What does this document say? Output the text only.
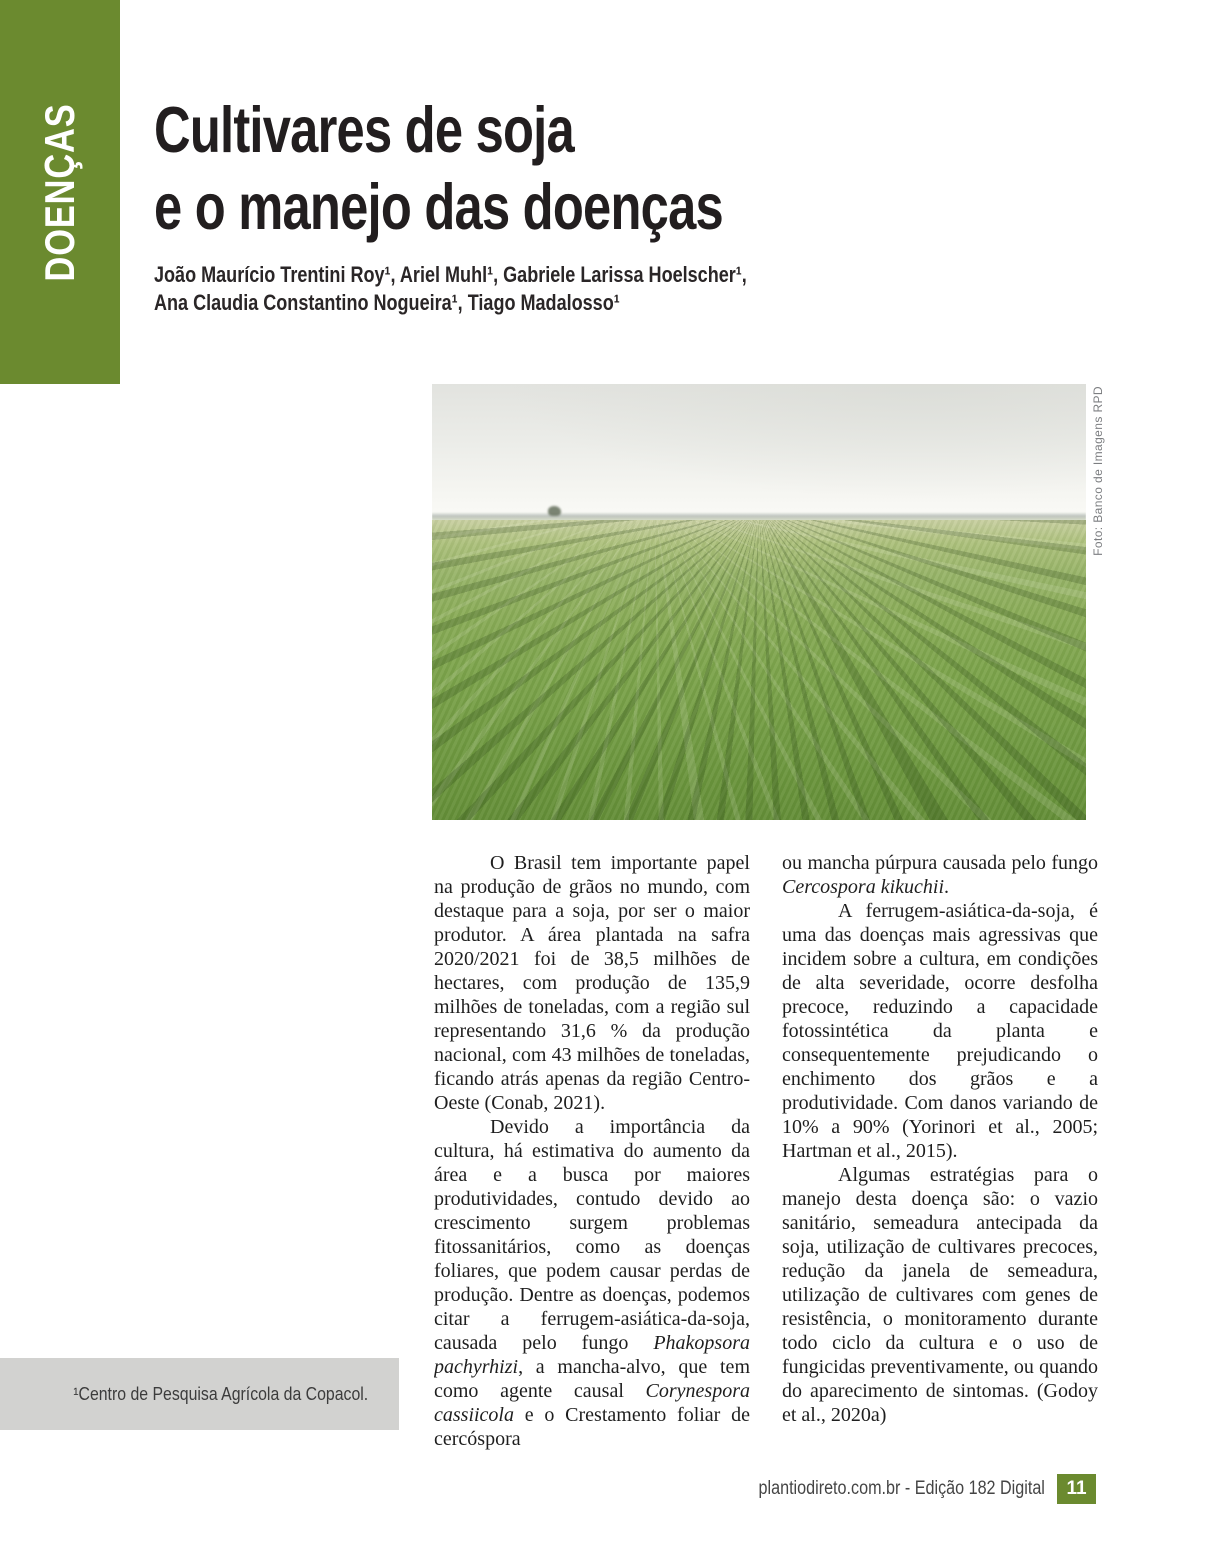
DOENÇAS Cultivares de soja
e o manejo das doenças
João Maurício Trentini Roy¹, Ariel Muhl¹, Gabriele Larissa Hoelscher¹,
Ana Claudia Constantino Nogueira¹, Tiago Madalosso¹
Foto: Banco de Imagens RPD

O Brasil tem importante papel na produção de grãos no mundo, com destaque para a soja, por ser o maior produtor. A área plantada na safra 2020/2021 foi de 38,5 milhões de hectares, com produção de 135,9 milhões de toneladas, com a região sul representando 31,6 % da produção nacional, com 43 milhões de toneladas, ficando atrás apenas da região Centro-Oeste (Conab, 2021).

Devido a importância da cultura, há estimativa do aumento da área e a busca por maiores produtividades, contudo devido ao crescimento surgem problemas fitossanitários, como as doenças foliares, que podem causar perdas de produção. Dentre as doenças, podemos citar a ferrugem-asiática-da-soja, causada pelo fungo Phakopsora pachyrhizi, a mancha-alvo, que tem como agente causal Corynespora cassiicola e o Crestamento foliar de cercóspora

ou mancha púrpura causada pelo fungo Cercospora kikuchii.

A ferrugem-asiática-da-soja, é uma das doenças mais agressivas que incidem sobre a cultura, em condições de alta severidade, ocorre desfolha precoce, reduzindo a capacidade fotossintética da planta e consequentemente prejudicando o enchimento dos grãos e a produtividade. Com danos variando de 10% a 90% (Yorinori et al., 2005; Hartman et al., 2015).

Algumas estratégias para o manejo desta doença são: o vazio sanitário, semeadura antecipada da soja, utilização de cultivares precoces, redução da janela de semeadura, utilização de cultivares com genes de resistência, o monitoramento durante todo ciclo da cultura e o uso de fungicidas preventivamente, ou quando do aparecimento de sintomas. (Godoy et al., 2020a)

¹Centro de Pesquisa Agrícola da Copacol.
plantiodireto.com.br - Edição 182 Digital	11
